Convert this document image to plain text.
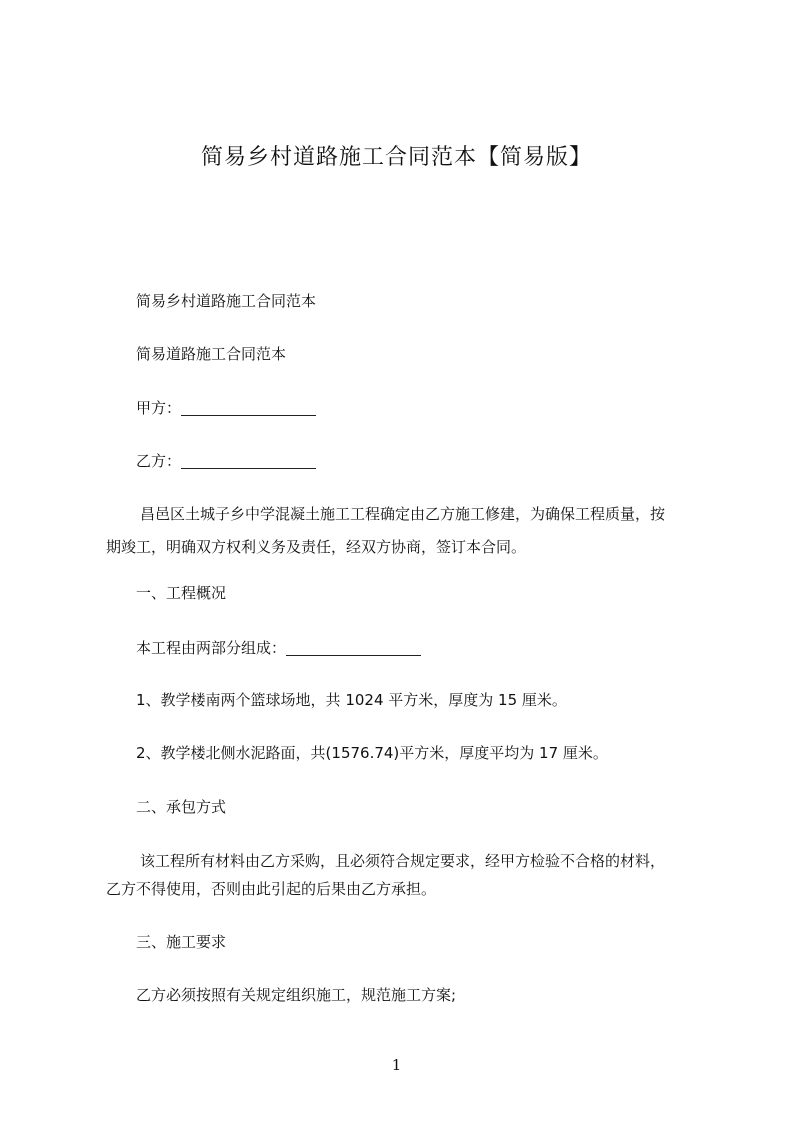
简易乡村道路施工合同范本【简易版】
简易乡村道路施工合同范本
简易道路施工合同范本
甲方：
乙方：
昌邑区土城子乡中学混凝土施工工程确定由乙方施工修建，为确保工程质量，按
期竣工，明确双方权利义务及责任，经双方协商，签订本合同。
一、工程概况
本工程由两部分组成：
1、教学楼南两个篮球场地，共 1024 平方米，厚度为 15 厘米。
2、教学楼北侧水泥路面，共(1576.74)平方米，厚度平均为 17 厘米。
二、承包方式
该工程所有材料由乙方采购，且必须符合规定要求，经甲方检验不合格的材料，
乙方不得使用，否则由此引起的后果由乙方承担。
三、施工要求
乙方必须按照有关规定组织施工，规范施工方案;
1
